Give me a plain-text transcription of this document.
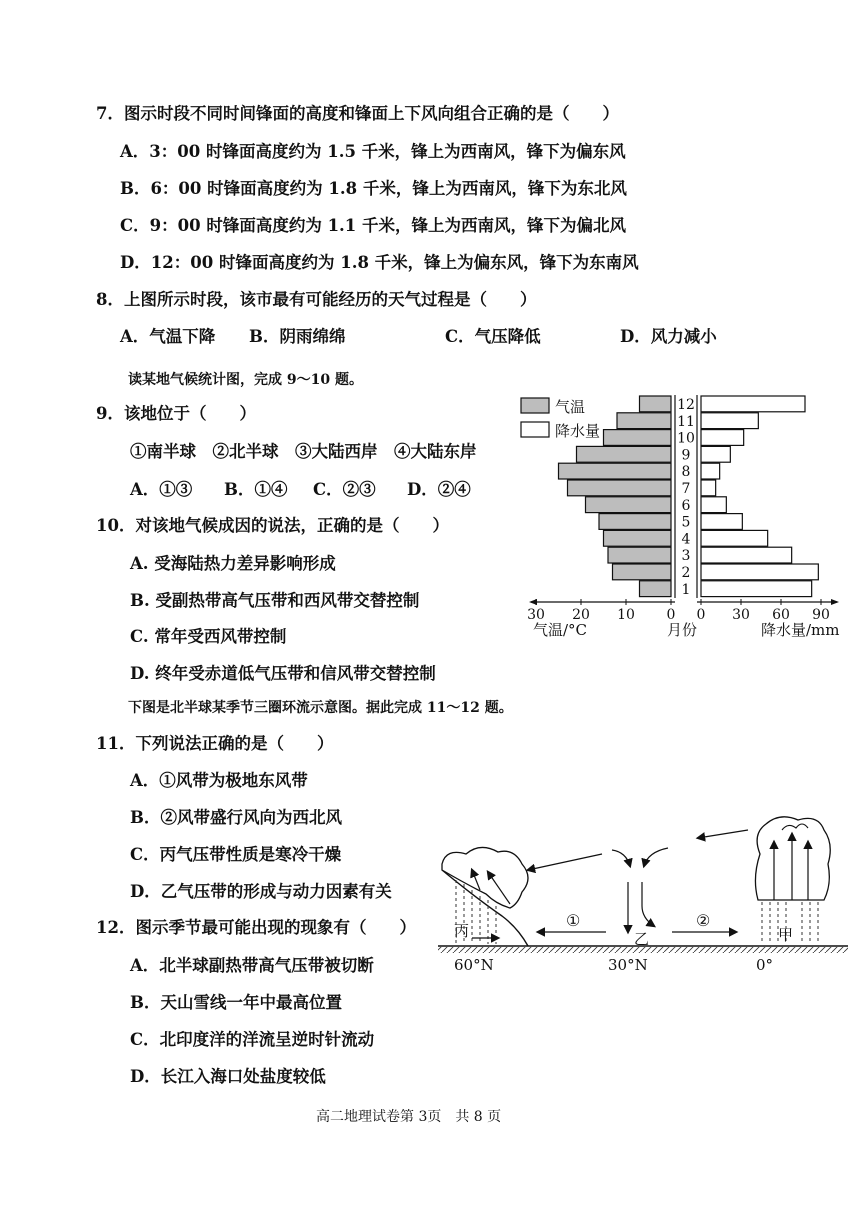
7．图示时段不同时间锋面的高度和锋面上下风向组合正确的是（　　）
A．3：00 时锋面高度约为 1.5 千米，锋上为西南风，锋下为偏东风
B．6：00 时锋面高度约为 1.8 千米，锋上为西南风，锋下为东北风
C．9：00 时锋面高度约为 1.1 千米，锋上为西南风，锋下为偏北风
D．12：00 时锋面高度约为 1.8 千米，锋上为偏东风，锋下为东南风
8．上图所示时段，该市最有可能经历的天气过程是（　　）
A．气温下降 B．阴雨绵绵	C．气压降低	D．风力减小
读某地气候统计图，完成 9～10 题。
9．该地位于（　　）
①南半球　②北半球　③大陆西岸　④大陆东岸
A．①③ B．①④ C．②③ D．②④
10．对该地气候成因的说法，正确的是（　　）
A. 受海陆热力差异影响形成
B. 受副热带高气压带和西风带交替控制
C. 常年受西风带控制
D. 终年受赤道低气压带和信风带交替控制
下图是北半球某季节三圈环流示意图。据此完成 11～12 题。
11．下列说法正确的是（　　）
A．①风带为极地东风带
B．②风带盛行风向为西北风
C．丙气压带性质是寒冷干燥
D．乙气压带的形成与动力因素有关
12．图示季节最可能出现的现象有（　　）
A．北半球副热带高气压带被切断
B．天山雪线一年中最高位置
C．北印度洋的洋流呈逆时针流动
D．长江入海口处盐度较低
高二地理试卷第 3页　共 8 页
气温
降水量
1
2
3
4
5
6
7
8
9
10
11
12
30 20 10 0 0 30 60 90
气温/°C	月份	降水量/mm
丙	乙
①	②
甲
60°N	30°N	0°
